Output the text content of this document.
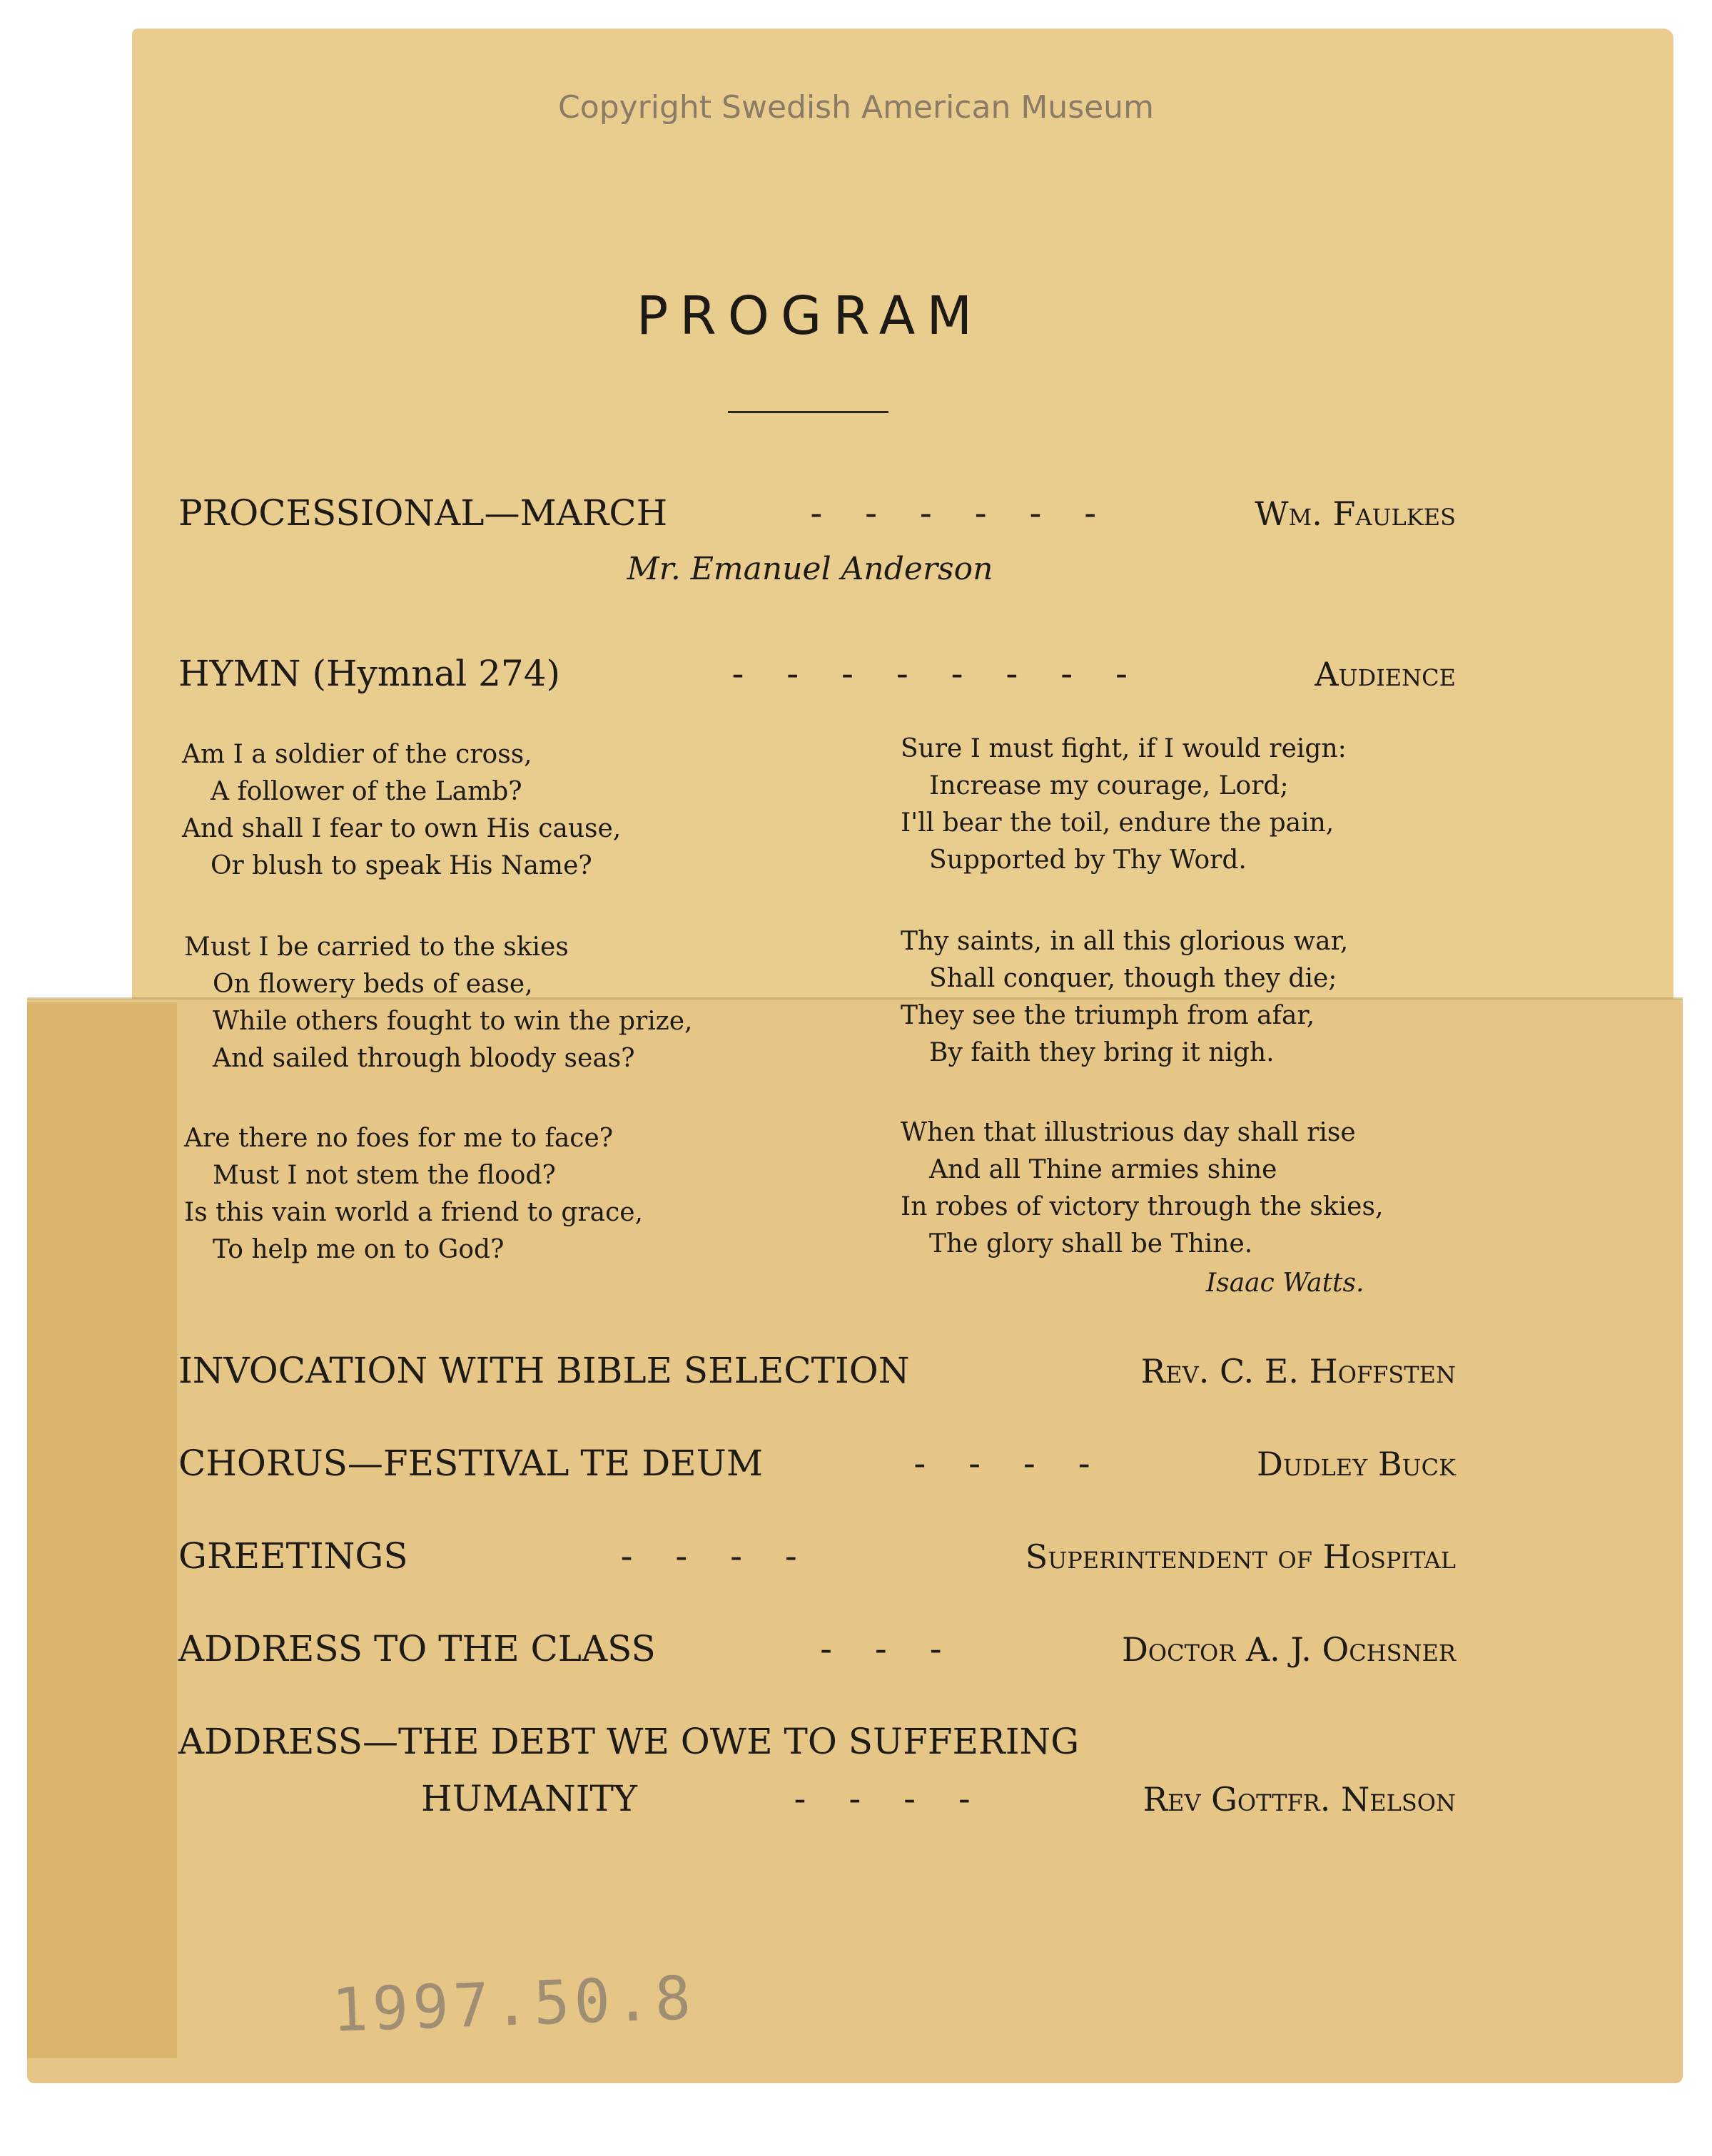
Copyright Swedish American Museum
PROGRAM
PROCESSIONAL—MARCH	- - - - - -	Wm. Faulkes
Mr. Emanuel Anderson
HYMN (Hymnal 274)	- - - - - - - -	Audience
Am I a soldier of the cross,
A follower of the Lamb?
And shall I fear to own His cause,
Or blush to speak His Name?
Must I be carried to the skies
On flowery beds of ease,
While others fought to win the prize,
And sailed through bloody seas?
Are there no foes for me to face?
Must I not stem the flood?
Is this vain world a friend to grace,
To help me on to God?
Sure I must fight, if I would reign:
Increase my courage, Lord;
I'll bear the toil, endure the pain,
Supported by Thy Word.
Thy saints, in all this glorious war,
Shall conquer, though they die;
They see the triumph from afar,
By faith they bring it nigh.
When that illustrious day shall rise
And all Thine armies shine
In robes of victory through the skies,
The glory shall be Thine.
Isaac Watts.
INVOCATION WITH BIBLE SELECTION	Rev. C. E. Hoffsten
CHORUS—FESTIVAL TE DEUM	- - - -	Dudley Buck
GREETINGS	- - - -	Superintendent of Hospital
ADDRESS TO THE CLASS	- - -	Doctor A. J. Ochsner
ADDRESS—THE DEBT WE OWE TO SUFFERING
HUMANITY	- - - -	Rev Gottfr. Nelson
1997.50.8
